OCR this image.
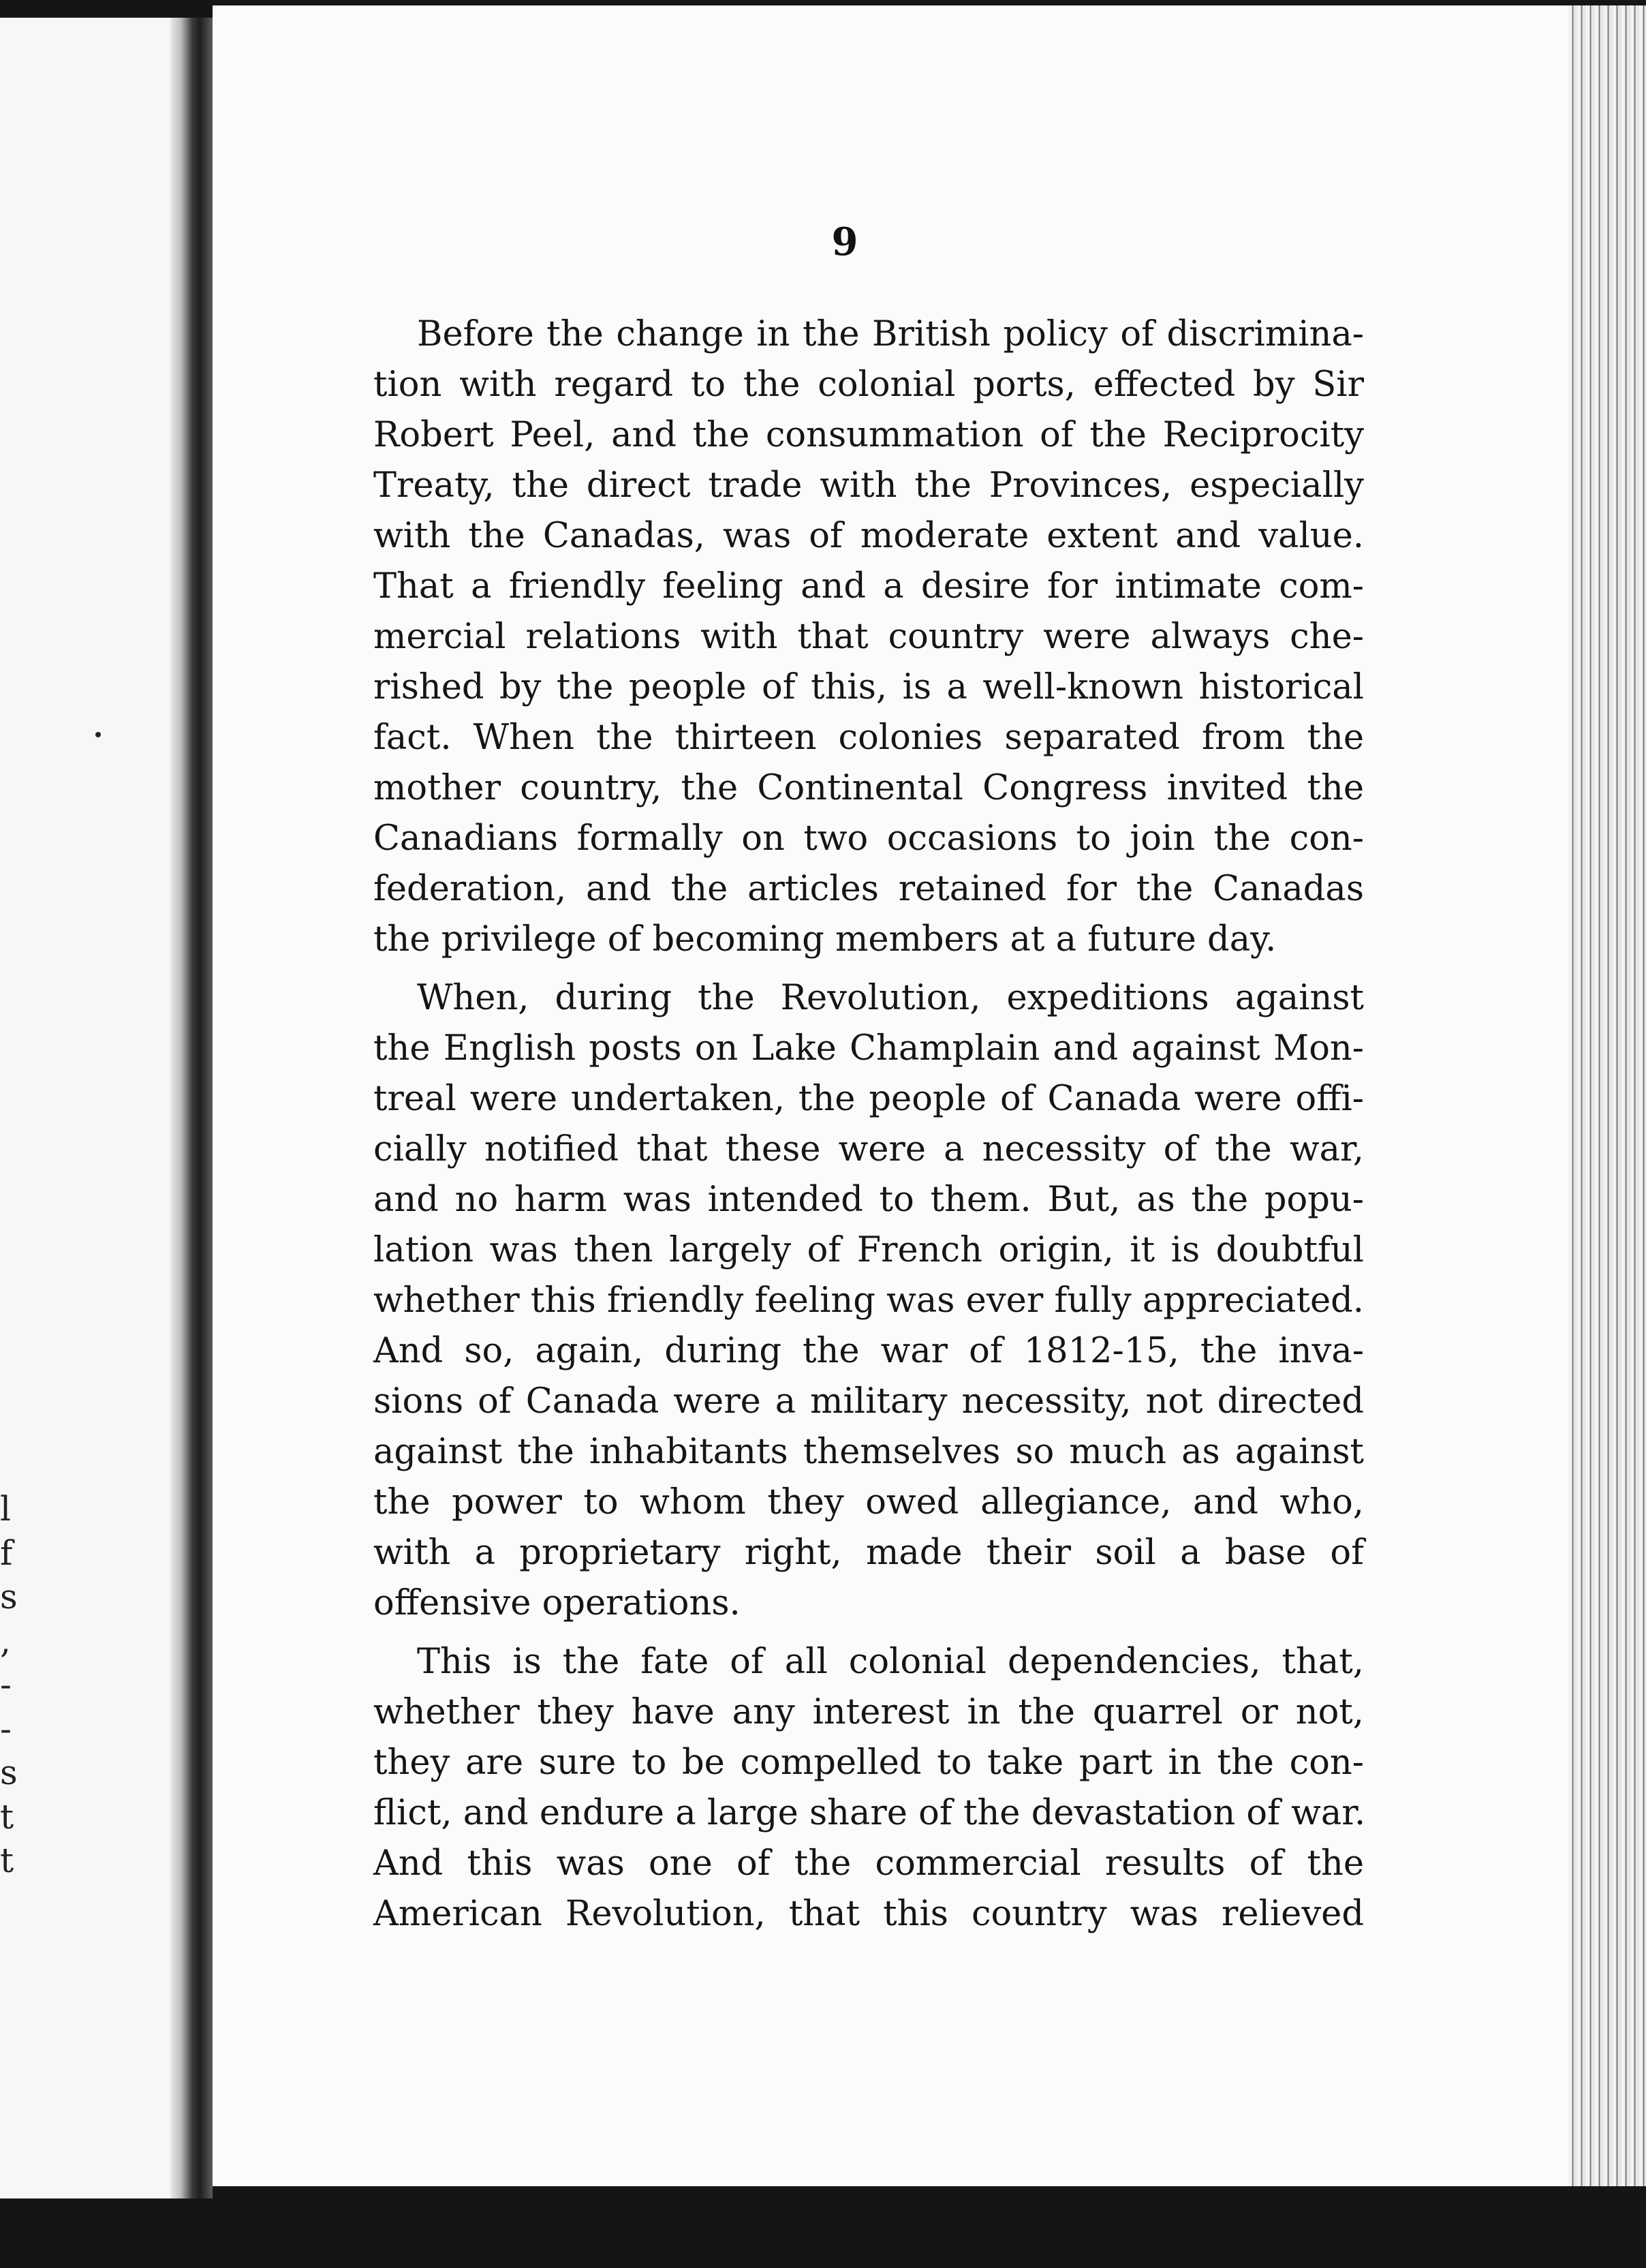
l
f
s
,
-
-
s
t
t
9
Before the change in the British policy of discrimina-
tion with regard to the colonial ports, effected by Sir
Robert Peel, and the consummation of the Reciprocity
Treaty, the direct trade with the Provinces, especially
with the Canadas, was of moderate extent and value.
That a friendly feeling and a desire for intimate com-
mercial relations with that country were always che-
rished by the people of this, is a well-known historical
fact. When the thirteen colonies separated from the
mother country, the Continental Congress invited the
Canadians formally on two occasions to join the con-
federation, and the articles retained for the Canadas
the privilege of becoming members at a future day.
When, during the Revolution, expeditions against
the English posts on Lake Champlain and against Mon-
treal were undertaken, the people of Canada were offi-
cially notified that these were a necessity of the war,
and no harm was intended to them. But, as the popu-
lation was then largely of French origin, it is doubtful
whether this friendly feeling was ever fully appreciated.
And so, again, during the war of 1812-15, the inva-
sions of Canada were a military necessity, not directed
against the inhabitants themselves so much as against
the power to whom they owed allegiance, and who,
with a proprietary right, made their soil a base of
offensive operations.
This is the fate of all colonial dependencies, that,
whether they have any interest in the quarrel or not,
they are sure to be compelled to take part in the con-
flict, and endure a large share of the devastation of war.
And this was one of the commercial results of the
American Revolution, that this country was relieved
